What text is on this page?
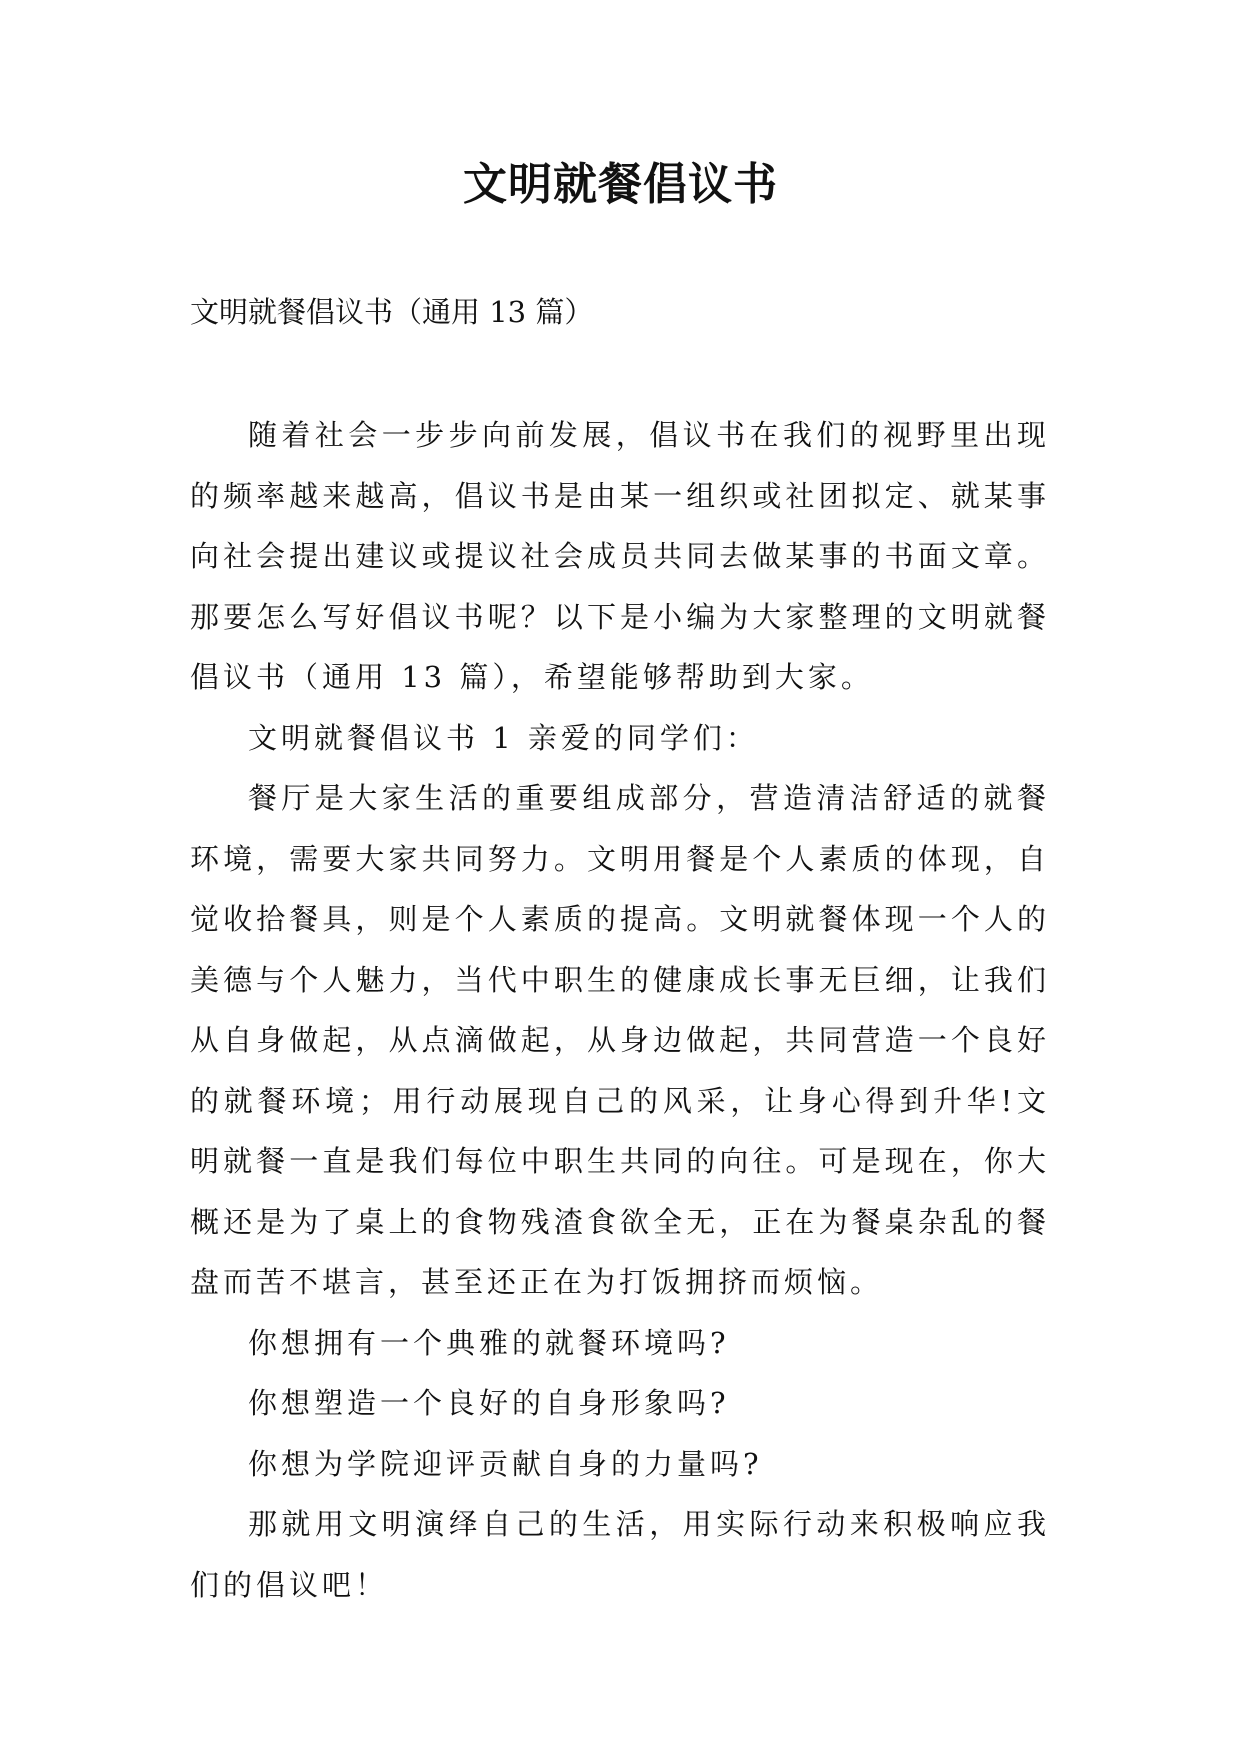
文明就餐倡议书
文明就餐倡议书（通用 13 篇）

随着社会一步步向前发展，倡议书在我们的视野里出现的频率越来越高，倡议书是由某一组织或社团拟定、就某事向社会提出建议或提议社会成员共同去做某事的书面文章。那要怎么写好倡议书呢？以下是小编为大家整理的文明就餐倡议书（通用 13 篇），希望能够帮助到大家。

文明就餐倡议书 1 亲爱的同学们：

餐厅是大家生活的重要组成部分，营造清洁舒适的就餐环境，需要大家共同努力。文明用餐是个人素质的体现，自觉收拾餐具，则是个人素质的提高。文明就餐体现一个人的美德与个人魅力，当代中职生的健康成长事无巨细，让我们从自身做起，从点滴做起，从身边做起，共同营造一个良好的就餐环境；用行动展现自己的风采，让身心得到升华!文明就餐一直是我们每位中职生共同的向往。可是现在，你大概还是为了桌上的食物残渣食欲全无，正在为餐桌杂乱的餐盘而苦不堪言，甚至还正在为打饭拥挤而烦恼。

你想拥有一个典雅的就餐环境吗?

你想塑造一个良好的自身形象吗?

你想为学院迎评贡献自身的力量吗?

那就用文明演绎自己的生活，用实际行动来积极响应我们的倡议吧！
